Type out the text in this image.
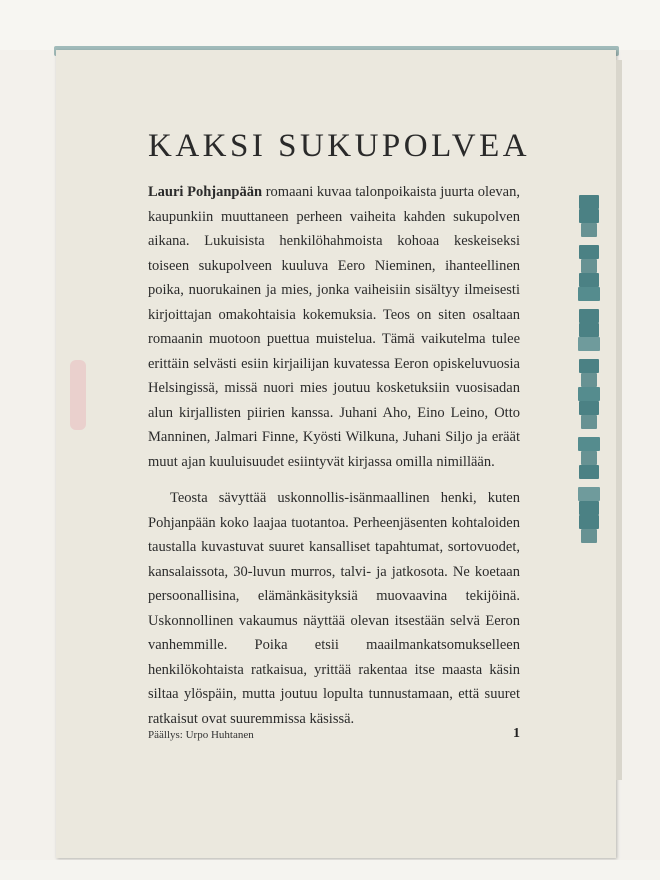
KAKSI SUKUPOLVEA

Lauri Pohjanpään romaani kuvaa talonpoikaista juurta olevan, kaupunkiin muuttaneen perheen vaiheita kahden sukupolven aikana. Lukuisista henkilöhahmoista kohoaa keskeiseksi toiseen sukupolveen kuuluva Eero Nieminen, ihanteellinen poika, nuorukainen ja mies, jonka vaiheisiin sisältyy ilmeisesti kirjoittajan omakohtaisia kokemuksia. Teos on siten osaltaan romaanin muotoon puettua muistelua. Tämä vaikutelma tulee erittäin selvästi esiin kirjailijan kuvatessa Eeron opiskeluvuosia Helsingissä, missä nuori mies joutuu kosketuksiin vuosisadan alun kirjallisten piirien kanssa. Juhani Aho, Eino Leino, Otto Manninen, Jalmari Finne, Kyösti Wilkuna, Juhani Siljo ja eräät muut ajan kuuluisuudet esiintyvät kirjassa omilla nimillään.

Teosta sävyttää uskonnollis-isänmaallinen henki, kuten Pohjanpään koko laajaa tuotantoa. Perheenjäsenten kohtaloiden taustalla kuvastuvat suuret kansalliset tapahtumat, sortovuodet, kansalaissota, 30-luvun murros, talvi- ja jatkosota. Ne koetaan persoonallisina, elämänkäsityksiä muovaavina tekijöinä. Uskonnollinen vakaumus näyttää olevan itsestään selvä Eeron vanhemmille. Poika etsii maailmankatsomukselleen henkilökohtaista ratkaisua, yrittää rakentaa itse maasta käsin siltaa ylöspäin, mutta joutuu lopulta tunnustamaan, että suuret ratkaisut ovat suuremmissa käsissä.

Päällys: Urpo Huhtanen	1
